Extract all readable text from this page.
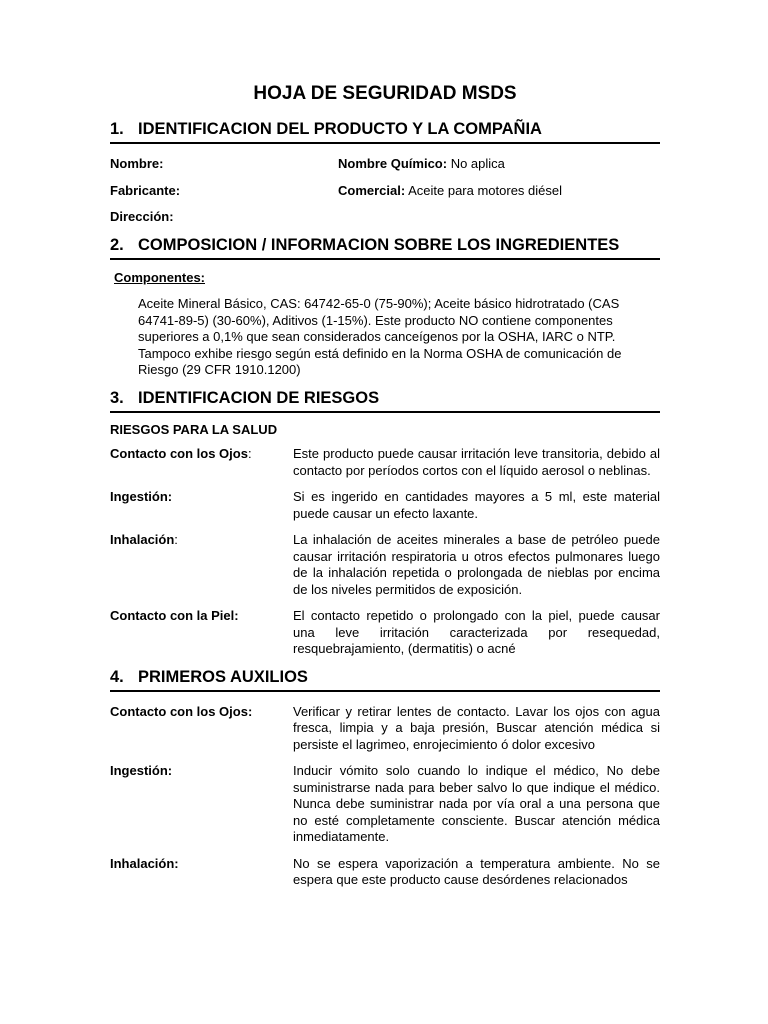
HOJA DE SEGURIDAD MSDS
1. IDENTIFICACION DEL PRODUCTO Y LA COMPAÑIA
Nombre:	Nombre Químico: No aplica
Fabricante:	Comercial: Aceite para motores diésel
Dirección:
2. COMPOSICION / INFORMACION SOBRE LOS INGREDIENTES
Componentes:
Aceite Mineral Básico, CAS: 64742-65-0 (75-90%); Aceite básico hidrotratado (CAS 64741-89-5) (30-60%), Aditivos (1-15%). Este producto NO contiene componentes superiores a 0,1% que sean considerados canceígenos por la OSHA, IARC o NTP. Tampoco exhibe riesgo según está definido en la Norma OSHA de comunicación de Riesgo (29 CFR 1910.1200)
3. IDENTIFICACION DE RIESGOS
RIESGOS PARA LA SALUD
Contacto con los Ojos:	Este producto puede causar irritación leve transitoria, debido al contacto por períodos cortos con el líquido aerosol o neblinas.
Ingestión:	Si es ingerido en cantidades mayores a 5 ml, este material puede causar un efecto laxante.
Inhalación:	La inhalación de aceites minerales a base de petróleo puede causar irritación respiratoria u otros efectos pulmonares luego de la inhalación repetida o prolongada de nieblas por encima de los niveles permitidos de exposición.
Contacto con la Piel:	El contacto repetido o prolongado con la piel, puede causar una leve irritación caracterizada por resequedad, resquebrajamiento, (dermatitis) o acné
4. PRIMEROS AUXILIOS
Contacto con los Ojos:	Verificar y retirar lentes de contacto. Lavar los ojos con agua fresca, limpia y a baja presión, Buscar atención médica si persiste el lagrimeo, enrojecimiento ó dolor excesivo
Ingestión:	Inducir vómito solo cuando lo indique el médico, No debe suministrarse nada para beber salvo lo que indique el médico. Nunca debe suministrar nada por vía oral a una persona que no esté completamente consciente. Buscar atención médica inmediatamente.
Inhalación:	No se espera vaporización a temperatura ambiente. No se espera que este producto cause desórdenes relacionados
